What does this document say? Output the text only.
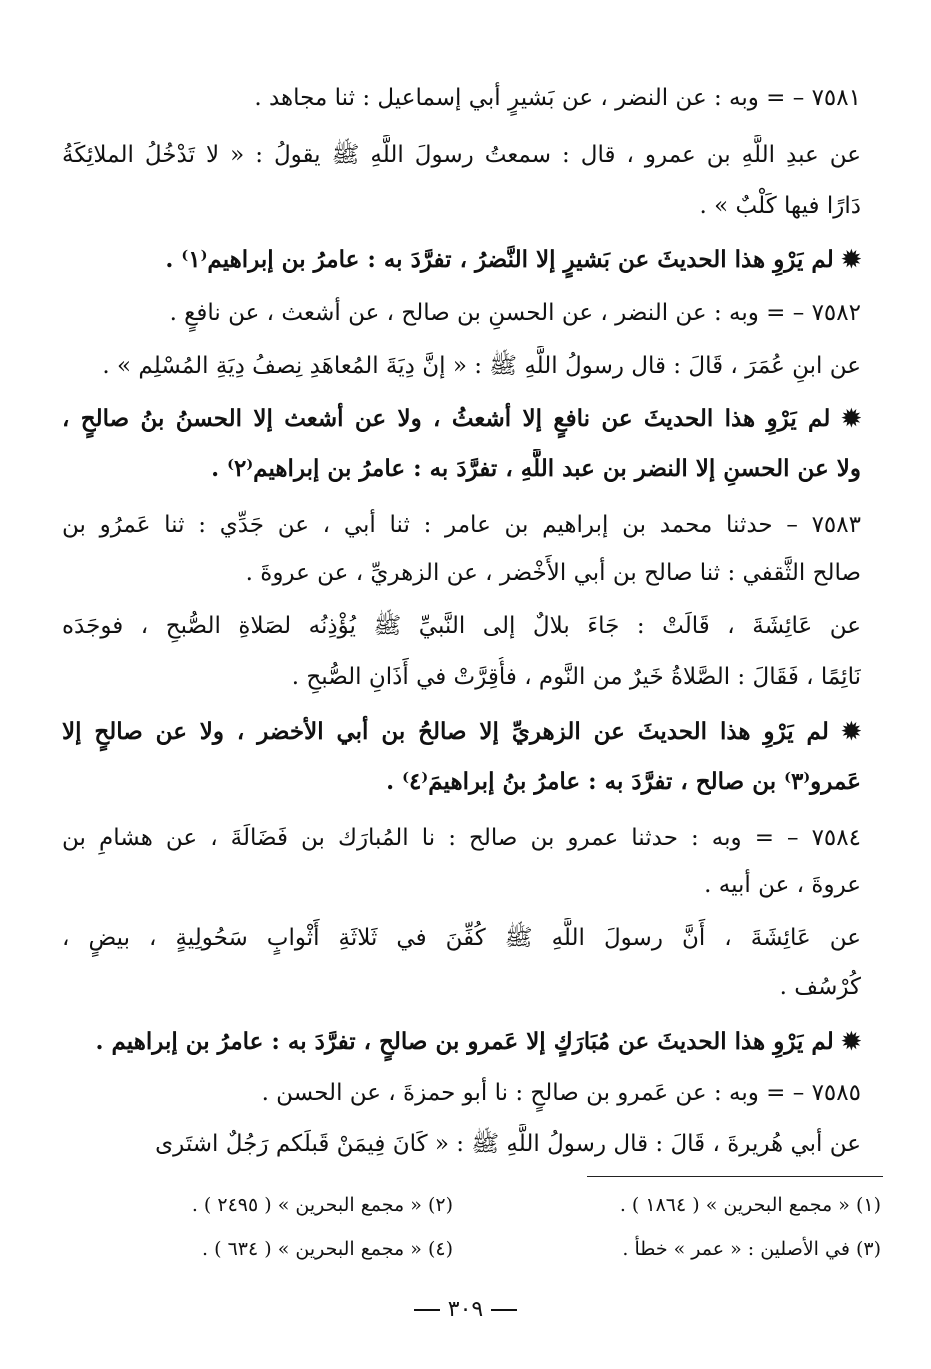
٧٥٨١ – = وبه : عن النضر ، عن بَشيرٍ أبي إسماعيل : ثنا مجاهد .
عن عبدِ اللَّهِ بن عمرو ، قال : سمعتُ رسولَ اللَّهِ ﷺ يقولُ : « لا تَدْخُلُ الملائِكَةُ
دَارًا فيها كَلْبٌ » .
✹ لم يَرْوِ هذا الحديثَ عن بَشيرٍ إلا النَّضرُ ، تفرَّدَ به : عامرُ بن إبراهيم⁽١⁾ .
٧٥٨٢ – = وبه : عن النضر ، عن الحسنِ بن صالح ، عن أشعث ، عن نافعٍ .
عن ابنِ عُمَرَ ، قَالَ : قال رسولُ اللَّهِ ﷺ : « إنَّ دِيَةَ المُعاهَدِ نِصفُ دِيَةِ المُسْلِم » .
✹ لم يَرْوِ هذا الحديثَ عن نافعٍ إلا أشعثُ ، ولا عن أشعث إلا الحسنُ بنُ صالحٍ ،
ولا عن الحسنِ إلا النضر بن عبد اللَّهِ ، تفرَّدَ به : عامرُ بن إبراهيم⁽٢⁾ .
٧٥٨٣ – حدثنا محمد بن إبراهيم بن عامر : ثنا أبي ، عن جَدِّي : ثنا عَمرُو بن
صالح الثَّقفي : ثنا صالح بن أبي الأَخْضر ، عن الزهريِّ ، عن عروةَ .
عن عَائِشَةَ ، قَالَتْ : جَاءَ بلالٌ إلى النَّبيِّ ﷺ يُؤْذِنُه لصَلاةِ الصُّبحِ ، فوجَدَه
نَائِمًا ، فَقَالَ : الصَّلاةُ خَيرٌ من النَّوم ، فأُقِرَّتْ في أَذَانِ الصُّبحِ .
✹ لم يَرْوِ هذا الحديثَ عن الزهريِّ إلا صالحُ بن أبي الأخضر ، ولا عن صالحٍ إلا
عَمرو⁽٣⁾ بن صالح ، تفرَّدَ به : عامرُ بنُ إبراهيمَ⁽٤⁾ .
٧٥٨٤ – = وبه : حدثنا عمرو بن صالح : نا المُبارَك بن فَضَالَةَ ، عن هشامِ بن
عروةَ ، عن أبيه .
عن عَائِشَةَ ، أَنَّ رسولَ اللَّهِ ﷺ كُفِّنَ في ثَلاثَةِ أَثْوابٍ سَحُولِيةٍ ، بيضٍ ،
كُرْسُف .
✹ لم يَرْوِ هذا الحديثَ عن مُبَارَكٍ إلا عَمرو بن صالحٍ ، تفرَّدَ به : عامرُ بن إبراهيم .
٧٥٨٥ – = وبه : عن عَمرو بن صالحٍ : نا أبو حمزةَ ، عن الحسن .
عن أبي هُريرةَ ، قَالَ : قال رسولُ اللَّهِ ﷺ : « كَانَ فِيمَنْ قَبلَكم رَجُلٌ اشتَرى
(١) « مجمع البحرين » ( ١٨٦٤ ) .
(٢) « مجمع البحرين » ( ٢٤٩٥ ) .
(٣) في الأصلين : « عمر » خطأ .
(٤) « مجمع البحرين » ( ٦٣٤ ) .
٣٠٩
